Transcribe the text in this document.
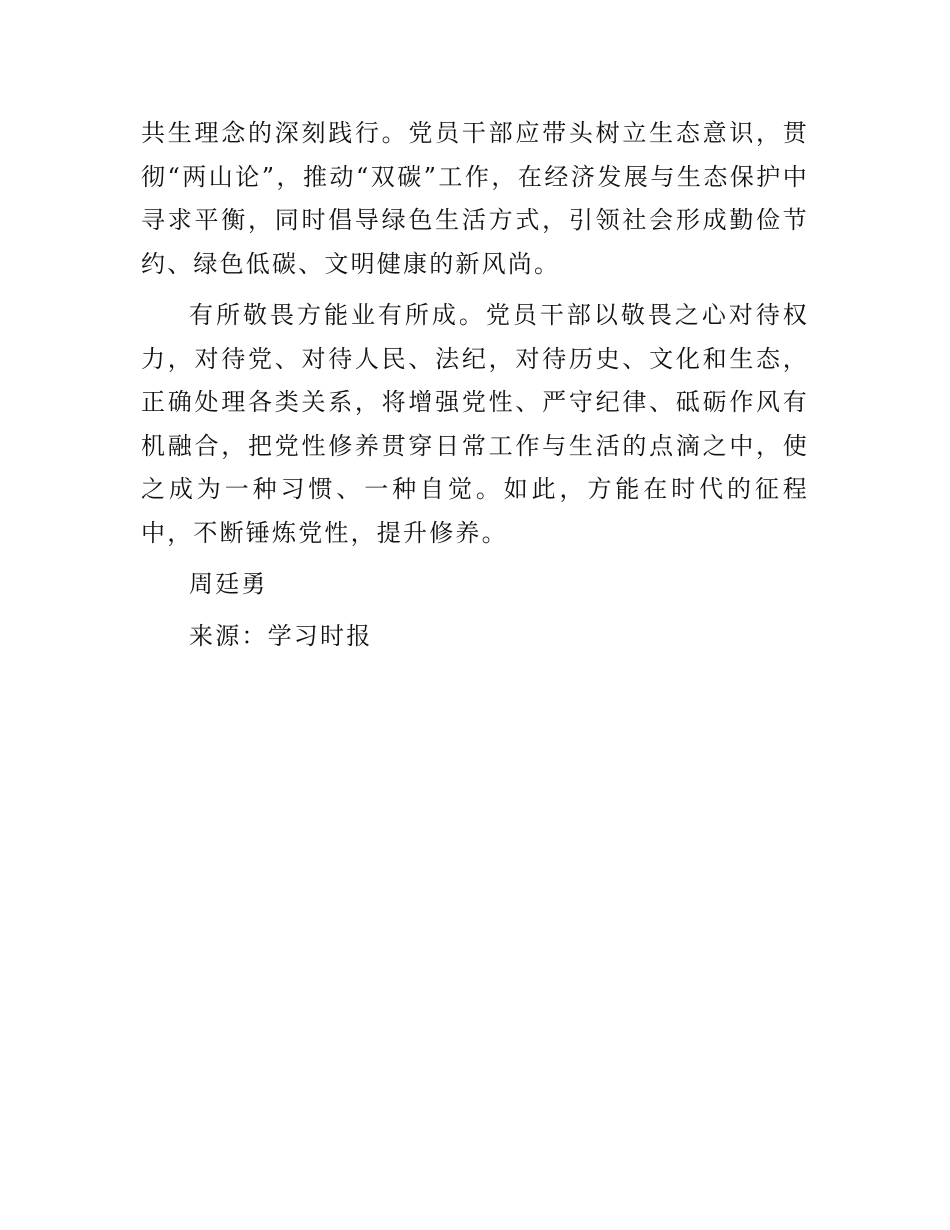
共生理念的深刻践行。党员干部应带头树立生态意识，贯彻“两山论”，推动“双碳”工作，在经济发展与生态保护中寻求平衡，同时倡导绿色生活方式，引领社会形成勤俭节约、绿色低碳、文明健康的新风尚。

有所敬畏方能业有所成。党员干部以敬畏之心对待权力，对待党、对待人民、法纪，对待历史、文化和生态，正确处理各类关系，将增强党性、严守纪律、砥砺作风有机融合，把党性修养贯穿日常工作与生活的点滴之中，使之成为一种习惯、一种自觉。如此，方能在时代的征程中，不断锤炼党性，提升修养。

周廷勇

来源：学习时报
